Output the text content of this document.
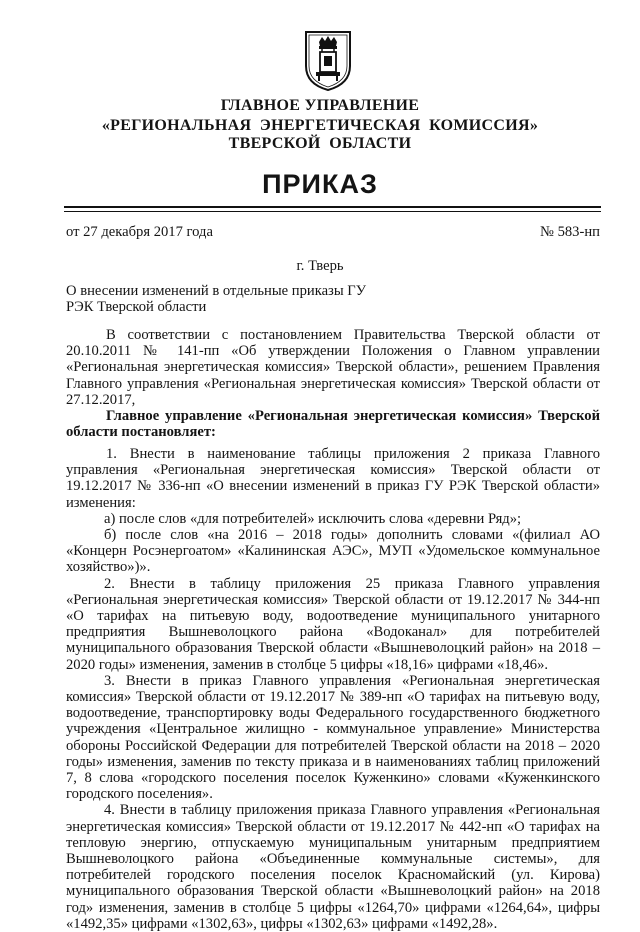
ГЛАВНОЕ УПРАВЛЕНИЕ
«РЕГИОНАЛЬНАЯ  ЭНЕРГЕТИЧЕСКАЯ  КОМИССИЯ»
ТВЕРСКОЙ  ОБЛАСТИ
ПРИКАЗ
от 27 декабря 2017 года	№ 583-нп
г. Тверь
О внесении изменений в отдельные приказы ГУ
РЭК Тверской области

В соответствии с постановлением Правительства Тверской области от 20.10.2011 № 141-пп «Об утверждении Положения о Главном управлении «Региональная энергетическая комиссия» Тверской области», решением Правления Главного управления «Региональная энергетическая комиссия» Тверской области от 27.12.2017,

Главное управление «Региональная энергетическая комиссия» Тверской области постановляет:

1. Внести в наименование таблицы приложения 2 приказа Главного управления «Региональная энергетическая комиссия» Тверской области от 19.12.2017 № 336-нп «О внесении изменений в приказ ГУ РЭК Тверской области» изменения:

а) после слов «для потребителей» исключить слова «деревни Ряд»;

б) после слов «на 2016 – 2018 годы» дополнить словами «(филиал АО «Концерн Росэнергоатом» «Калининская АЭС», МУП «Удомельское коммунальное хозяйство»)».

2. Внести в таблицу приложения 25 приказа Главного управления «Региональная энергетическая комиссия» Тверской области от 19.12.2017 № 344-нп «О тарифах на питьевую воду, водоотведение муниципального унитарного предприятия Вышневолоцкого района «Водоканал» для потребителей муниципального образования Тверской области «Вышневолоцкий район» на 2018 – 2020 годы» изменения, заменив в столбце 5 цифры «18,16» цифрами «18,46».

3. Внести в приказ Главного управления «Региональная энергетическая комиссия» Тверской области от 19.12.2017 № 389-нп «О тарифах на питьевую воду, водоотведение, транспортировку воды Федерального государственного бюджетного учреждения «Центральное жилищно - коммунальное управление» Министерства обороны Российской Федерации для потребителей Тверской области на 2018 – 2020 годы» изменения, заменив по тексту приказа и в наименованиях таблиц приложений 7, 8 слова «городского поселения поселок Куженкино» словами «Куженкинского городского поселения».

4. Внести в таблицу приложения приказа Главного управления «Региональная энергетическая комиссия» Тверской области от 19.12.2017 № 442-нп «О тарифах на тепловую энергию, отпускаемую муниципальным унитарным предприятием Вышневолоцкого района «Объединенные коммунальные системы», для потребителей городского поселения поселок Красномайский (ул. Кирова) муниципального образования Тверской области «Вышневолоцкий район» на 2018 год» изменения, заменив в столбце 5 цифры «1264,70» цифрами «1264,64», цифры «1492,35» цифрами «1302,63», цифры «1302,63» цифрами «1492,28».
